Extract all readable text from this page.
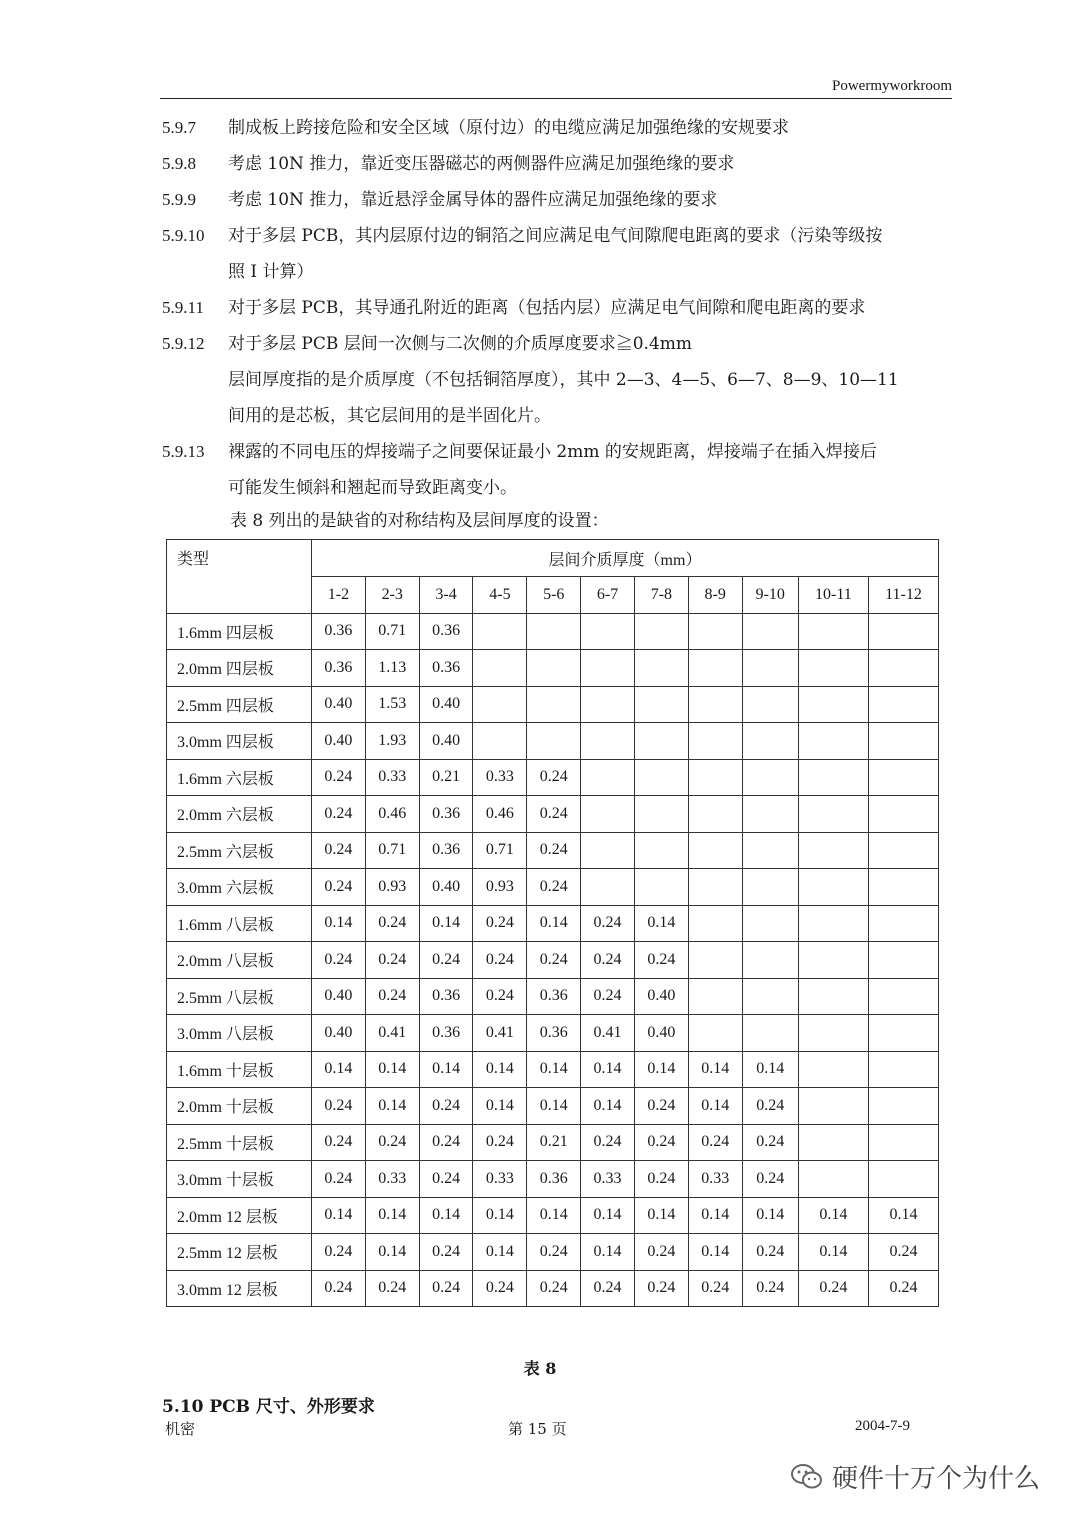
Powermyworkroom
5.9.7	制成板上跨接危险和安全区域（原付边）的电缆应满足加强绝缘的安规要求
5.9.8	考虑 10N 推力，靠近变压器磁芯的两侧器件应满足加强绝缘的要求
5.9.9	考虑 10N 推力，靠近悬浮金属导体的器件应满足加强绝缘的要求
5.9.10	对于多层 PCB，其内层原付边的铜箔之间应满足电气间隙爬电距离的要求（污染等级按
照 I 计算）
5.9.11	对于多层 PCB，其导通孔附近的距离（包括内层）应满足电气间隙和爬电距离的要求
5.9.12	对于多层 PCB 层间一次侧与二次侧的介质厚度要求≧0.4mm
层间厚度指的是介质厚度（不包括铜箔厚度），其中 2—3、4—5、6—7、8—9、10—11
间用的是芯板，其它层间用的是半固化片。
5.9.13	裸露的不同电压的焊接端子之间要保证最小 2mm 的安规距离，焊接端子在插入焊接后
可能发生倾斜和翘起而导致距离变小。
表 8 列出的是缺省的对称结构及层间厚度的设置：
类型	层间介质厚度（mm）										
	1-2	2-3	3-4	4-5	5-6	6-7	7-8	8-9	9-10	10-11	11-12
1.6mm 四层板	0.36	0.71	0.36								
2.0mm 四层板	0.36	1.13	0.36								
2.5mm 四层板	0.40	1.53	0.40								
3.0mm 四层板	0.40	1.93	0.40								
1.6mm 六层板	0.24	0.33	0.21	0.33	0.24						
2.0mm 六层板	0.24	0.46	0.36	0.46	0.24						
2.5mm 六层板	0.24	0.71	0.36	0.71	0.24						
3.0mm 六层板	0.24	0.93	0.40	0.93	0.24						
1.6mm 八层板	0.14	0.24	0.14	0.24	0.14	0.24	0.14				
2.0mm 八层板	0.24	0.24	0.24	0.24	0.24	0.24	0.24				
2.5mm 八层板	0.40	0.24	0.36	0.24	0.36	0.24	0.40				
3.0mm 八层板	0.40	0.41	0.36	0.41	0.36	0.41	0.40				
1.6mm 十层板	0.14	0.14	0.14	0.14	0.14	0.14	0.14	0.14	0.14		
2.0mm 十层板	0.24	0.14	0.24	0.14	0.14	0.14	0.24	0.14	0.24		
2.5mm 十层板	0.24	0.24	0.24	0.24	0.21	0.24	0.24	0.24	0.24		
3.0mm 十层板	0.24	0.33	0.24	0.33	0.36	0.33	0.24	0.33	0.24		
2.0mm 12 层板	0.14	0.14	0.14	0.14	0.14	0.14	0.14	0.14	0.14	0.14	0.14
2.5mm 12 层板	0.24	0.14	0.24	0.14	0.24	0.14	0.24	0.14	0.24	0.14	0.24
3.0mm 12 层板	0.24	0.24	0.24	0.24	0.24	0.24	0.24	0.24	0.24	0.24	0.24
表 8
5.10 PCB 尺寸、外形要求
机密	第 15 页	2004-7-9
硬件十万个为什么
